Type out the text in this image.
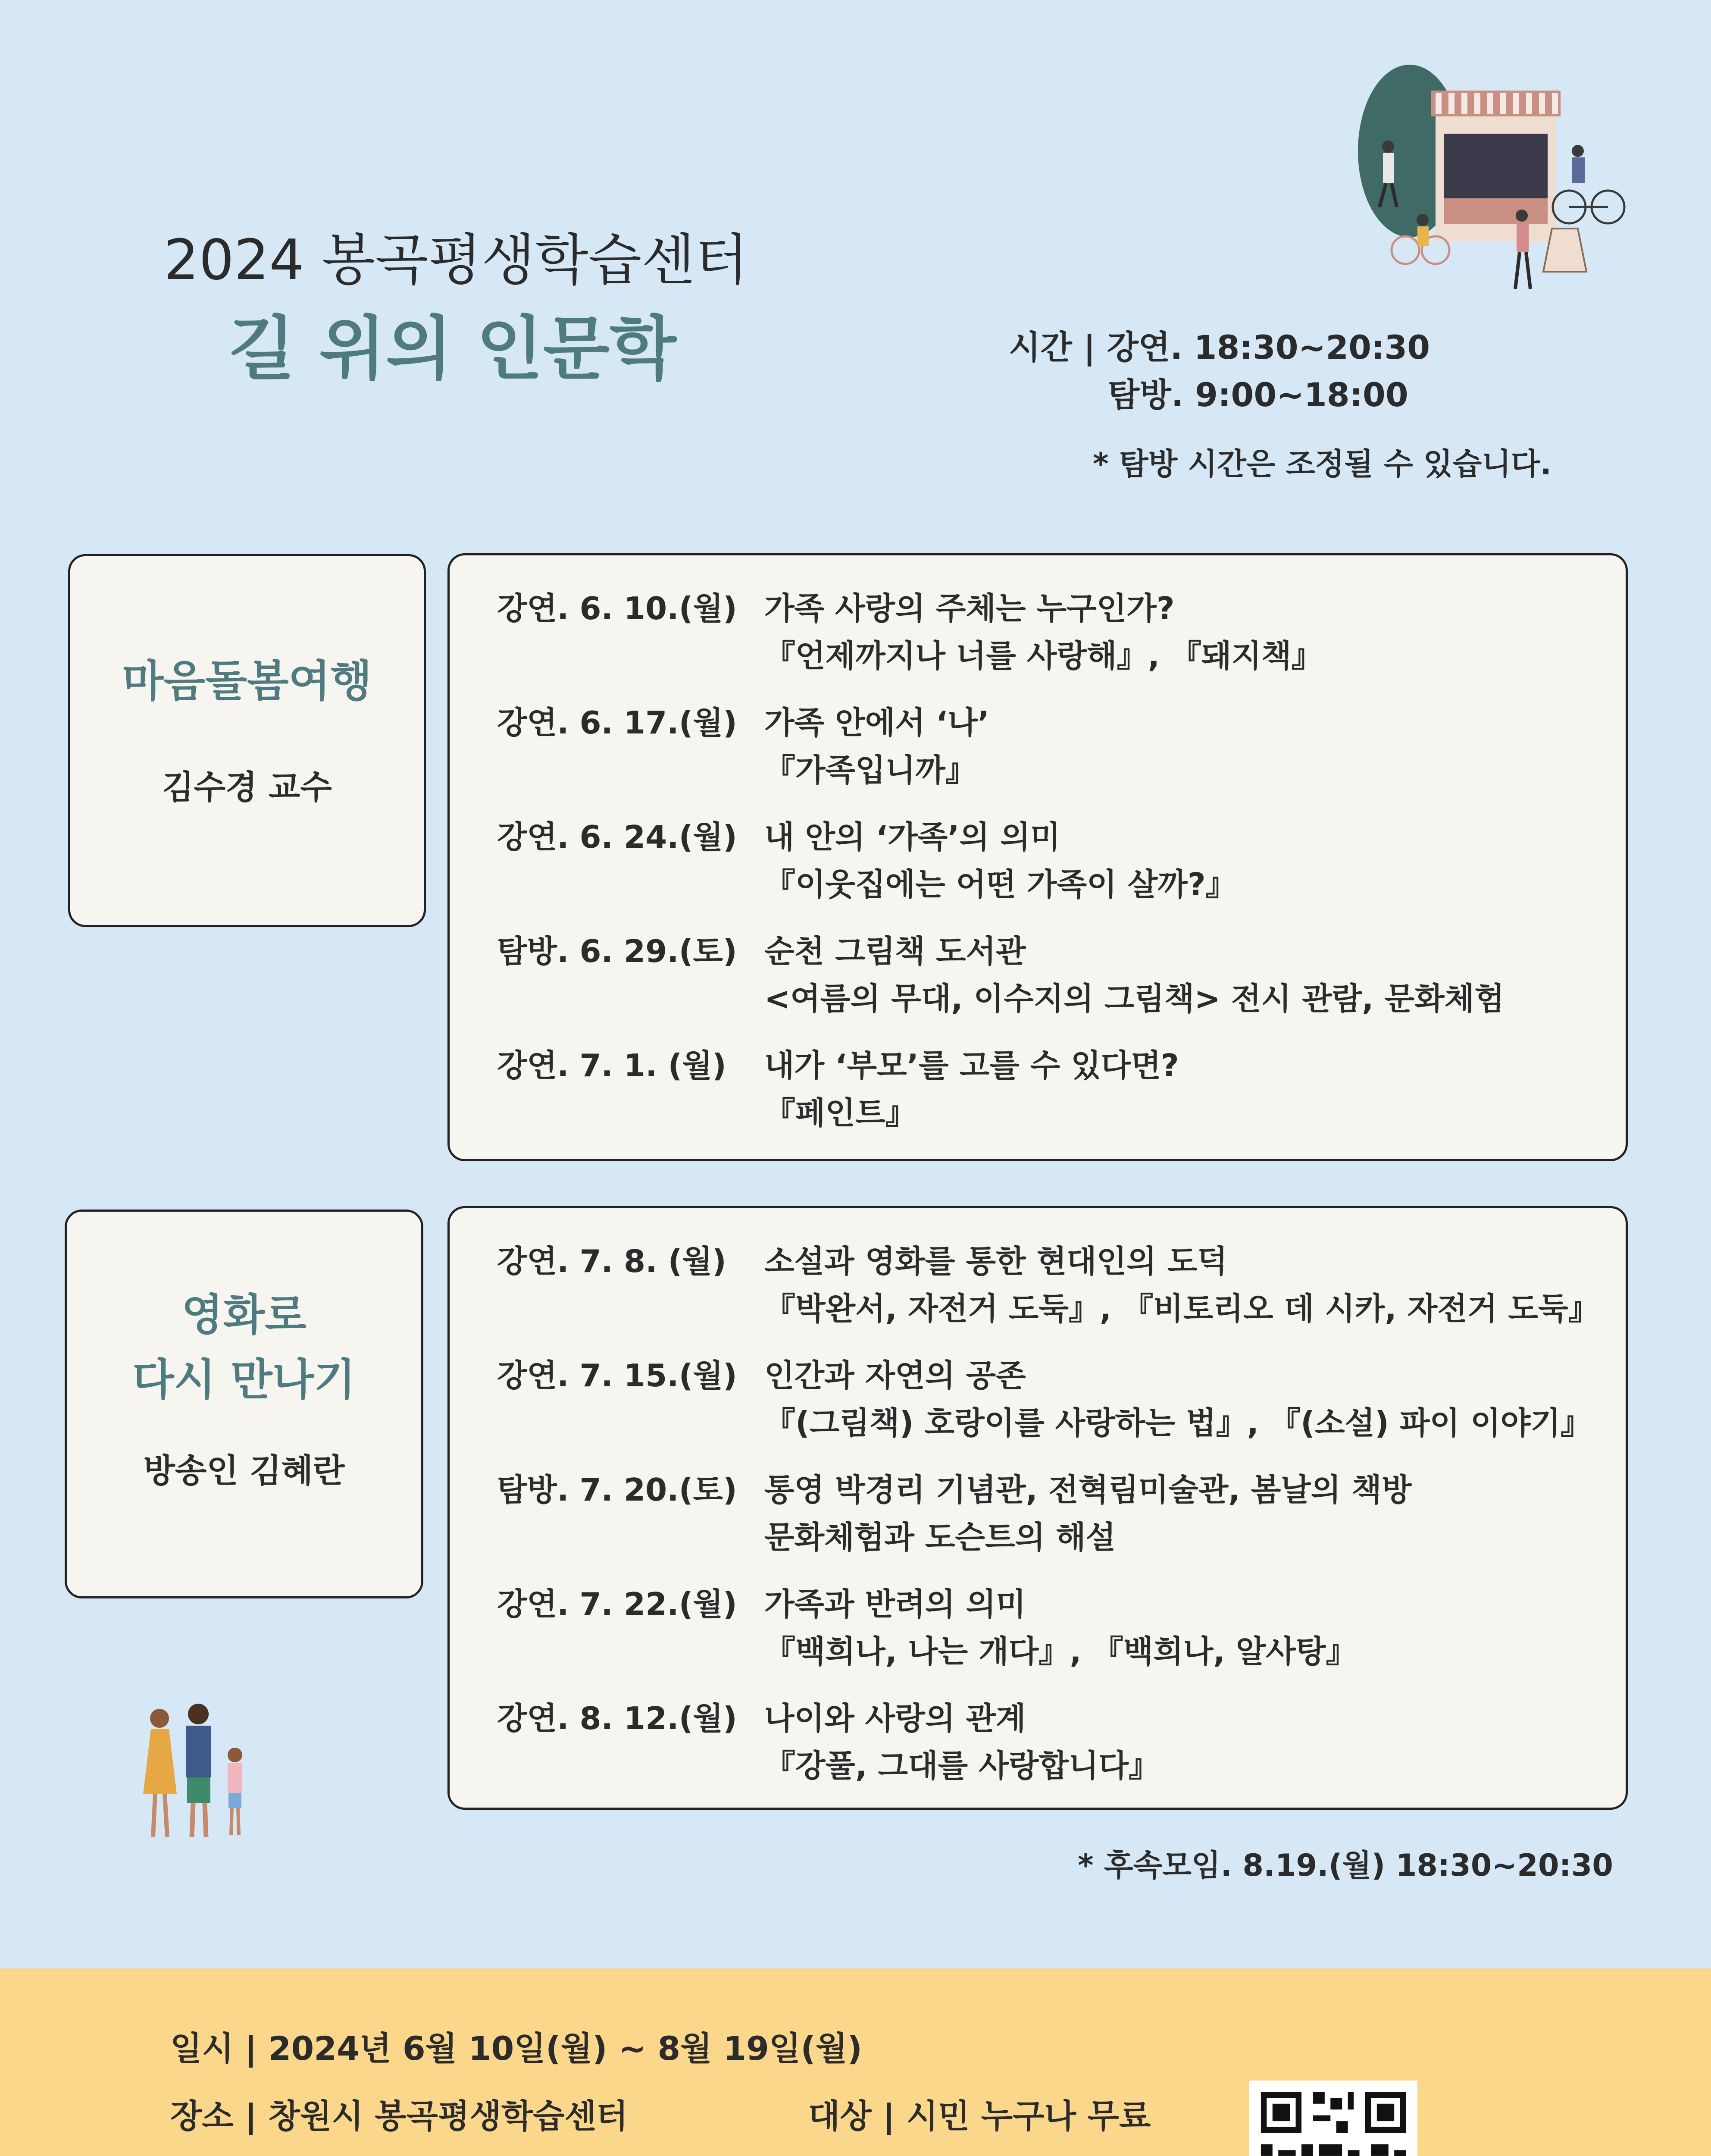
2024 봉곡평생학습센터
길 위의 인문학	시간 | 강연. 18:30~20:30
탐방. 9:00~18:00
* 탐방 시간은 조정될 수 있습니다.
마음돌봄여행
김수경 교수
강연. 6. 10.(월) 가족 사랑의 주체는 누구인가?
『언제까지나 너를 사랑해』, 『돼지책』
강연. 6. 17.(월) 가족 안에서 ‘나’
『가족입니까』
강연. 6. 24.(월) 내 안의 ‘가족’의 의미
『이웃집에는 어떤 가족이 살까?』
탐방. 6. 29.(토) 순천 그림책 도서관
<여름의 무대, 이수지의 그림책> 전시 관람, 문화체험
강연. 7. 1. (월) 내가 ‘부모’를 고를 수 있다면?
『페인트』
영화로
다시 만나기
방송인 김혜란
강연. 7. 8. (월) 소설과 영화를 통한 현대인의 도덕
『박완서, 자전거 도둑』, 『비토리오 데 시카, 자전거 도둑』
강연. 7. 15.(월) 인간과 자연의 공존
『(그림책) 호랑이를 사랑하는 법』, 『(소설) 파이 이야기』
탐방. 7. 20.(토) 통영 박경리 기념관, 전혁림미술관, 봄날의 책방
문화체험과 도슨트의 해설
강연. 7. 22.(월) 가족과 반려의 의미
『백희나, 나는 개다』, 『백희나, 알사탕』
강연. 8. 12.(월) 나이와 사랑의 관계
『강풀, 그대를 사랑합니다』
* 후속모임. 8.19.(월) 18:30~20:30
일시 | 2024년 6월 10일(월) ~ 8월 19일(월)
장소 | 창원시 봉곡평생학습센터	대상 | 시민 누구나 무료
